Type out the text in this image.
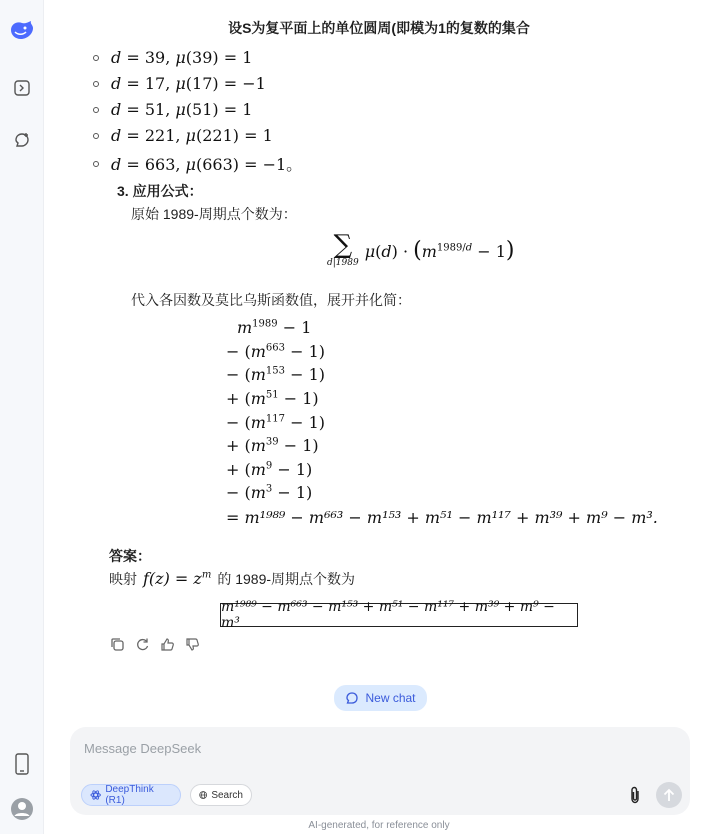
设S为复平面上的单位圆周(即模为1的复数的集合
d = 39, μ(39) = 1
d = 17, μ(17) = −1
d = 51, μ(51) = 1
d = 221, μ(221) = 1
d = 663, μ(663) = −1。
3. 应用公式：
原始 1989-周期点个数为：
∑
d|1989
$\mu(d) \cdot (m^{1989/d} - 1)$
代入各因数及莫比乌斯函数值，展开并化简：
$m^{1989} - 1$
− $(m^{663} - 1)$
− $(m^{153} - 1)$
+ $(m^{51} - 1)$
− $(m^{117} - 1)$
+ $(m^{39} - 1)$
+ $(m^9 - 1)$
− $(m^3 - 1)$
= m¹⁹⁸⁹ − m⁶⁶³ − m¹⁵³ + m⁵¹ − m¹¹⁷ + m³⁹ + m⁹ − m³.
答案：
映射 $f(z) = z^m$ 的 1989-周期点个数为
m¹⁹⁸⁹ − m⁶⁶³ − m¹⁵³ + m⁵¹ − m¹¹⁷ + m³⁹ + m⁹ − m³
New chat
Message DeepSeek
DeepThink (R1)	Search
AI-generated, for reference only
